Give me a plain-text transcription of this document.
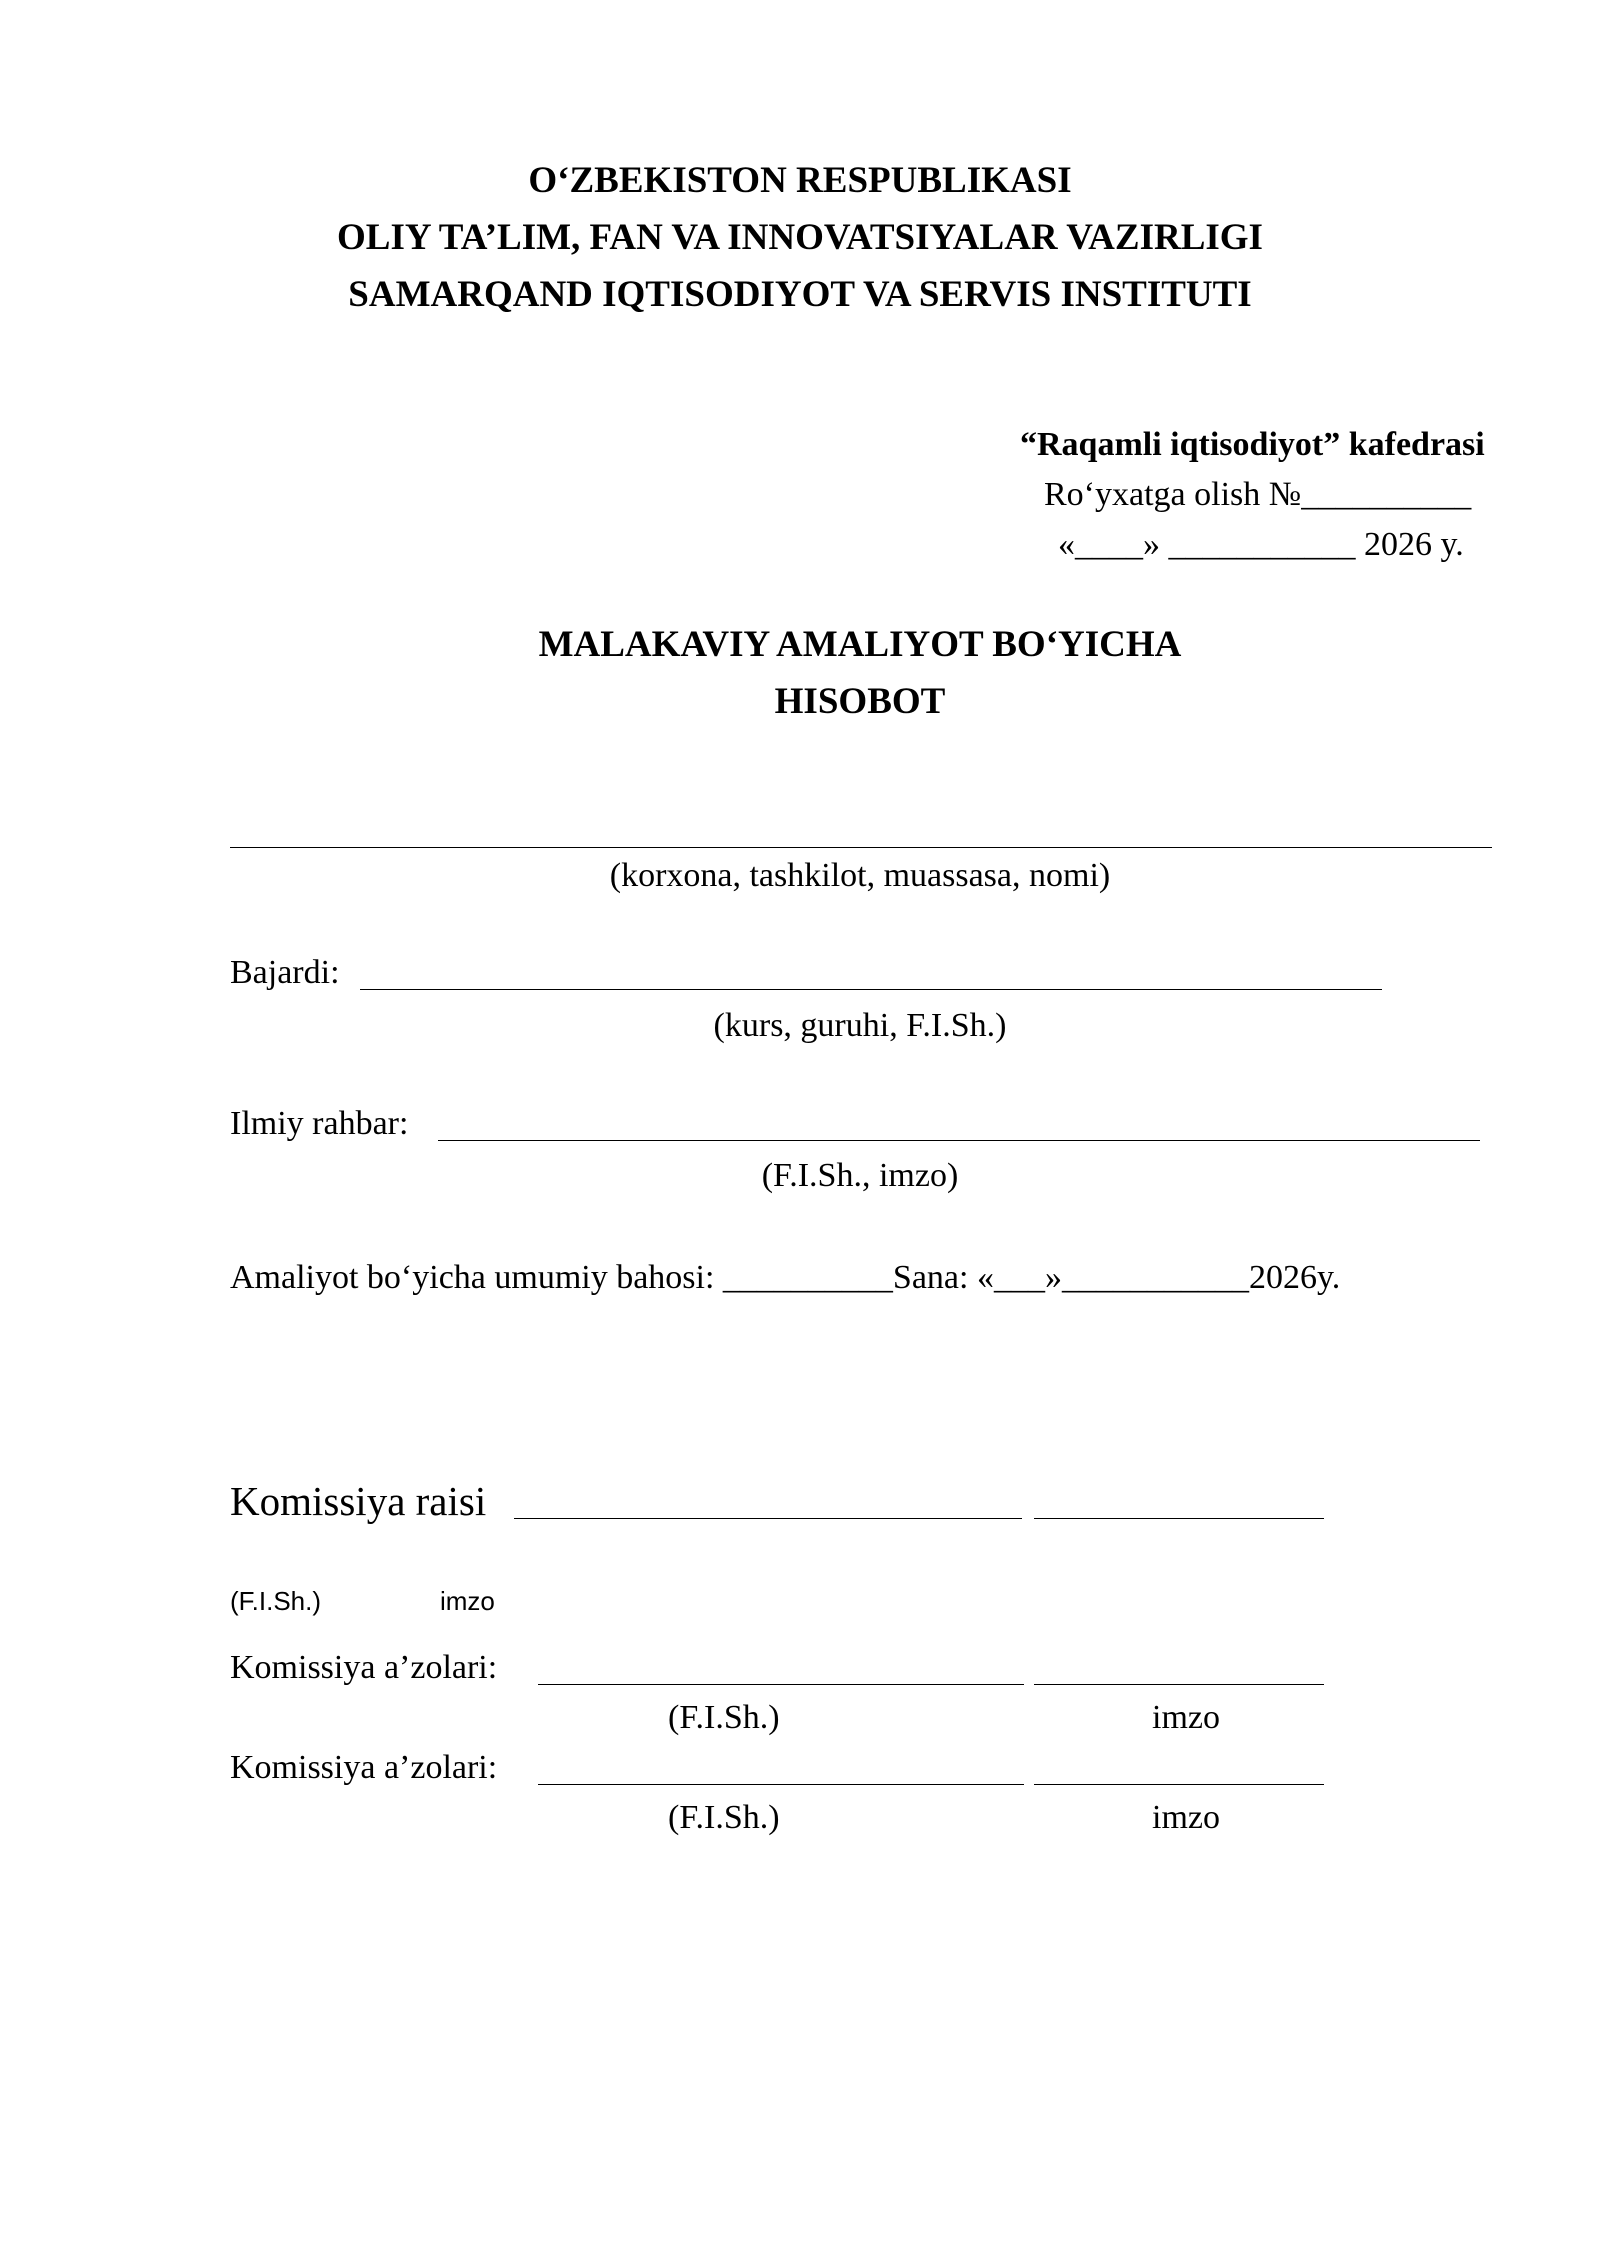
O‘ZBEKISTON RESPUBLIKASI
OLIY TA’LIM, FAN VA INNOVATSIYALAR VAZIRLIGI
SAMARQAND IQTISODIYOT VA SERVIS INSTITUTI
“Raqamli iqtisodiyot” kafedrasi
Ro‘yxatga olish №__________
«____» ___________ 2026 y.
MALAKAVIY AMALIYOT BO‘YICHA
HISOBOT
(korxona, tashkilot, muassasa, nomi)
Bajardi:
(kurs, guruhi, F.I.Sh.)
Ilmiy rahbar:
(F.I.Sh., imzo)
Amaliyot bo‘yicha umumiy bahosi: __________Sana: «___»___________2026y.
Komissiya raisi
(F.I.Sh.)	imzo
Komissiya a’zolari:
(F.I.Sh.)	imzo
Komissiya a’zolari:
(F.I.Sh.)	imzo
